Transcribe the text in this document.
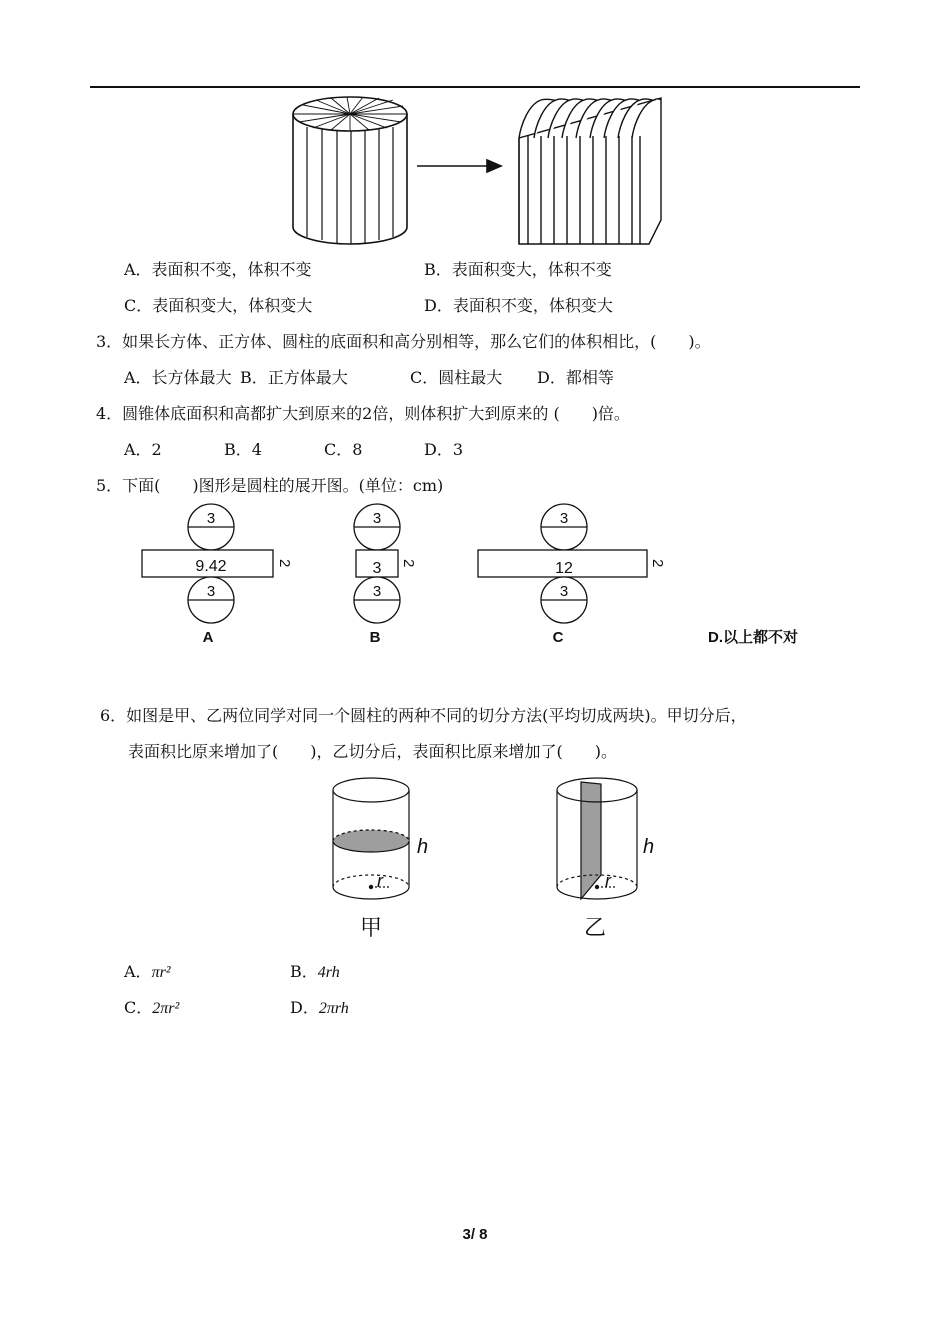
A．表面积不变，体积不变	B．表面积变大，体积不变
C．表面积变大，体积变大	D．表面积不变，体积变大
3．如果长方体、正方体、圆柱的底面积和高分别相等，那么它们的体积相比，(　　)。
A．长方体最大 B．正方体最大	C．圆柱最大 D．都相等
4．圆锥体底面积和高都扩大到原来的2倍，则体积扩大到原来的 (　　)倍。
A．2	B．4	C．8	D．3
5．下面(　　)图形是圆柱的展开图。(单位：cm)
3
9.42
3
2
A
3
3
3
2
B
3
12
3
2
C	D.以上都不对
6．如图是甲、乙两位同学对同一个圆柱的两种不同的切分方法(平均切成两块)。甲切分后，
表面积比原来增加了(　　)，乙切分后，表面积比原来增加了(　　)。
h
r
甲
h
r
乙
A．πr²	B．4rh
C．2πr²	D．2πrh
3/ 8
